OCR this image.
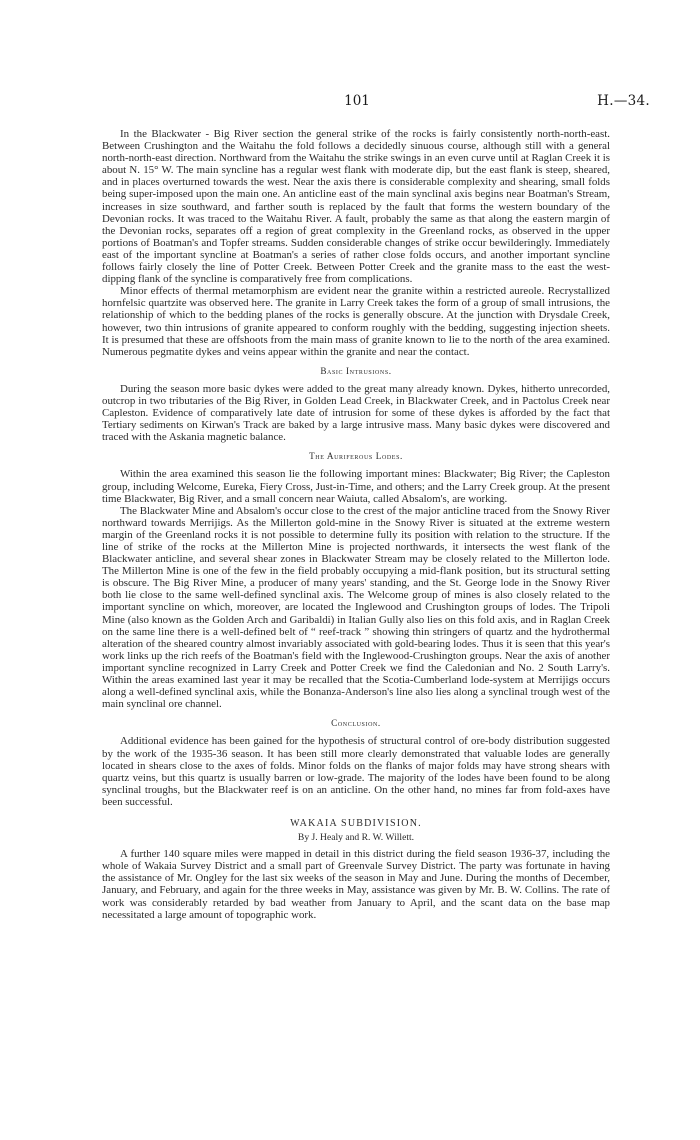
101	H.—34.

In the Blackwater - Big River section the general strike of the rocks is fairly consistently north-north-east. Between Crushington and the Waitahu the fold follows a decidedly sinuous course, although still with a general north-north-east direction. Northward from the Waitahu the strike swings in an even curve until at Raglan Creek it is about N. 15° W. The main syncline has a regular west flank with moderate dip, but the east flank is steep, sheared, and in places overturned towards the west. Near the axis there is considerable complexity and shearing, small folds being super-imposed upon the main one. An anticline east of the main synclinal axis begins near Boatman's Stream, increases in size southward, and farther south is replaced by the fault that forms the western boundary of the Devonian rocks. It was traced to the Waitahu River. A fault, probably the same as that along the eastern margin of the Devonian rocks, separates off a region of great complexity in the Greenland rocks, as observed in the upper portions of Boatman's and Topfer streams. Sudden considerable changes of strike occur bewilderingly. Immediately east of the important syncline at Boatman's a series of rather close folds occurs, and another important syncline follows fairly closely the line of Potter Creek. Between Potter Creek and the granite mass to the east the west-dipping flank of the syncline is comparatively free from complications.

Minor effects of thermal metamorphism are evident near the granite within a restricted aureole. Recrystallized hornfelsic quartzite was observed here. The granite in Larry Creek takes the form of a group of small intrusions, the relationship of which to the bedding planes of the rocks is generally obscure. At the junction with Drysdale Creek, however, two thin intrusions of granite appeared to conform roughly with the bedding, suggesting injection sheets. It is presumed that these are offshoots from the main mass of granite known to lie to the north of the area examined. Numerous pegmatite dykes and veins appear within the granite and near the contact.

Basic Intrusions.

During the season more basic dykes were added to the great many already known. Dykes, hitherto unrecorded, outcrop in two tributaries of the Big River, in Golden Lead Creek, in Blackwater Creek, and in Pactolus Creek near Capleston. Evidence of comparatively late date of intrusion for some of these dykes is afforded by the fact that Tertiary sediments on Kirwan's Track are baked by a large intrusive mass. Many basic dykes were discovered and traced with the Askania magnetic balance.

The Auriferous Lodes.

Within the area examined this season lie the following important mines: Blackwater; Big River; the Capleston group, including Welcome, Eureka, Fiery Cross, Just-in-Time, and others; and the Larry Creek group. At the present time Blackwater, Big River, and a small concern near Waiuta, called Absalom's, are working.

The Blackwater Mine and Absalom's occur close to the crest of the major anticline traced from the Snowy River northward towards Merrijigs. As the Millerton gold-mine in the Snowy River is situated at the extreme western margin of the Greenland rocks it is not possible to determine fully its position with relation to the structure. If the line of strike of the rocks at the Millerton Mine is projected northwards, it intersects the west flank of the Blackwater anticline, and several shear zones in Blackwater Stream may be closely related to the Millerton lode. The Millerton Mine is one of the few in the field probably occupying a mid-flank position, but its structural setting is obscure. The Big River Mine, a producer of many years' standing, and the St. George lode in the Snowy River both lie close to the same well-defined synclinal axis. The Welcome group of mines is also closely related to the important syncline on which, moreover, are located the Inglewood and Crushington groups of lodes. The Tripoli Mine (also known as the Golden Arch and Garibaldi) in Italian Gully also lies on this fold axis, and in Raglan Creek on the same line there is a well-defined belt of “ reef-track ” showing thin stringers of quartz and the hydrothermal alteration of the sheared country almost invariably associated with gold-bearing lodes. Thus it is seen that this year's work links up the rich reefs of the Boatman's field with the Inglewood-Crushington groups. Near the axis of another important syncline recognized in Larry Creek and Potter Creek we find the Caledonian and No. 2 South Larry's. Within the areas examined last year it may be recalled that the Scotia-Cumberland lode-system at Merrijigs occurs along a well-defined synclinal axis, while the Bonanza-Anderson's line also lies along a synclinal trough west of the main synclinal ore channel.

Conclusion.

Additional evidence has been gained for the hypothesis of structural control of ore-body distribution suggested by the work of the 1935-36 season. It has been still more clearly demonstrated that valuable lodes are generally located in shears close to the axes of folds. Minor folds on the flanks of major folds may have strong shears with quartz veins, but this quartz is usually barren or low-grade. The majority of the lodes have been found to be along synclinal troughs, but the Blackwater reef is on an anticline. On the other hand, no mines far from fold-axes have been successful.

WAKAIA SUBDIVISION.
By J. Healy and R. W. Willett.

A further 140 square miles were mapped in detail in this district during the field season 1936-37, including the whole of Wakaia Survey District and a small part of Greenvale Survey District. The party was fortunate in having the assistance of Mr. Ongley for the last six weeks of the season in May and June. During the months of December, January, and February, and again for the three weeks in May, assistance was given by Mr. B. W. Collins. The rate of work was considerably retarded by bad weather from January to April, and the scant data on the base map necessitated a large amount of topographic work.
